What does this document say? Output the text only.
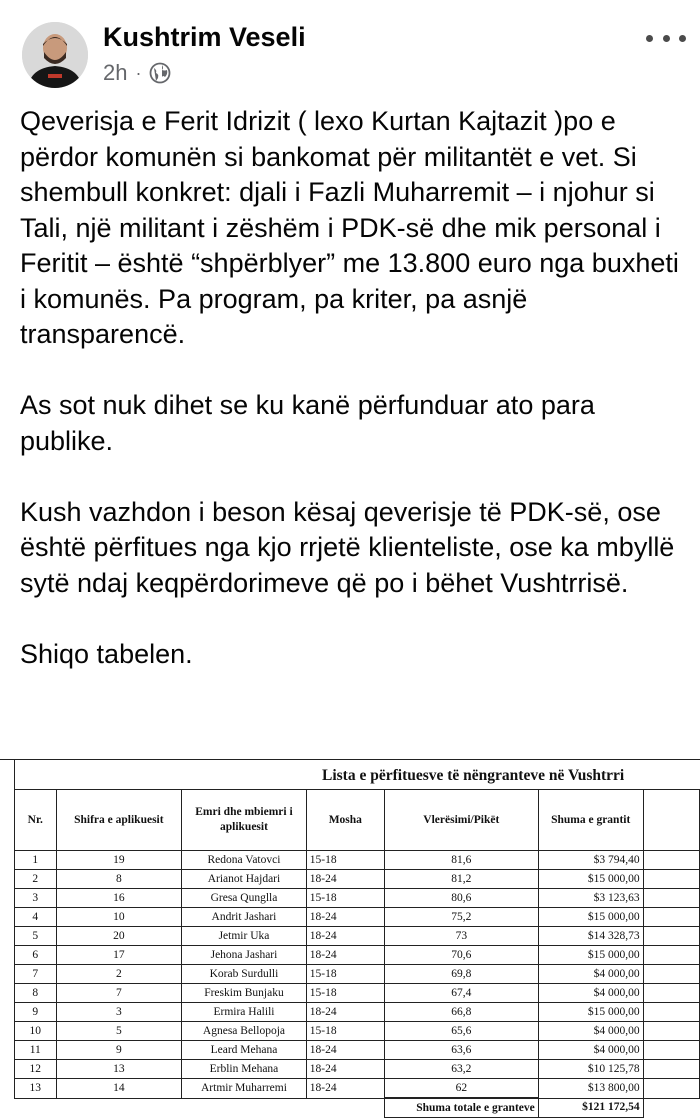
Kushtrim Veseli
2h ·

Qeverisja e Ferit Idrizit ( lexo Kurtan Kajtazit )po e përdor komunën si bankomat për militantët e vet. Si shembull konkret: djali i Fazli Muharremit – i njohur si Tali, një militant i zëshëm i PDK-së dhe mik personal i Feritit – është “shpërblyer” me 13.800 euro nga buxheti i komunës. Pa program, pa kriter, pa asnjë transparencë.

As sot nuk dihet se ku kanë përfunduar ato para publike.

Kush vazhdon i beson kësaj qeverisje të PDK-së, ose është përfitues nga kjo rrjetë klienteliste, ose ka mbyllë sytë ndaj keqpërdorimeve që po i bëhet Vushtrrisë.

Shiqo tabelen.

Lista e përfituesve të nëngranteve në Vushtrri
Nr.	Shifra e aplikuesit	Emri dhe mbiemri i aplikuesit	Mosha	Vlerësimi/Pikët	Shuma e grantit	
1	19	Redona Vatovci	15-18	81,6	$3 794,40	
2	8	Arianot Hajdari	18-24	81,2	$15 000,00	
3	16	Gresa Qunglla	15-18	80,6	$3 123,63	
4	10	Andrit Jashari	18-24	75,2	$15 000,00	
5	20	Jetmir Uka	18-24	73	$14 328,73	
6	17	Jehona Jashari	18-24	70,6	$15 000,00	
7	2	Korab Surdulli	15-18	69,8	$4 000,00	
8	7	Freskim Bunjaku	15-18	67,4	$4 000,00	
9	3	Ermira Halili	18-24	66,8	$15 000,00	
10	5	Agnesa Bellopoja	15-18	65,6	$4 000,00	
11	9	Leard Mehana	18-24	63,6	$4 000,00	
12	13	Erblin Mehana	18-24	63,2	$10 125,78	
13	14	Artmir Muharremi	18-24	62	$13 800,00	
				Shuma totale e granteve	$121 172,54	
